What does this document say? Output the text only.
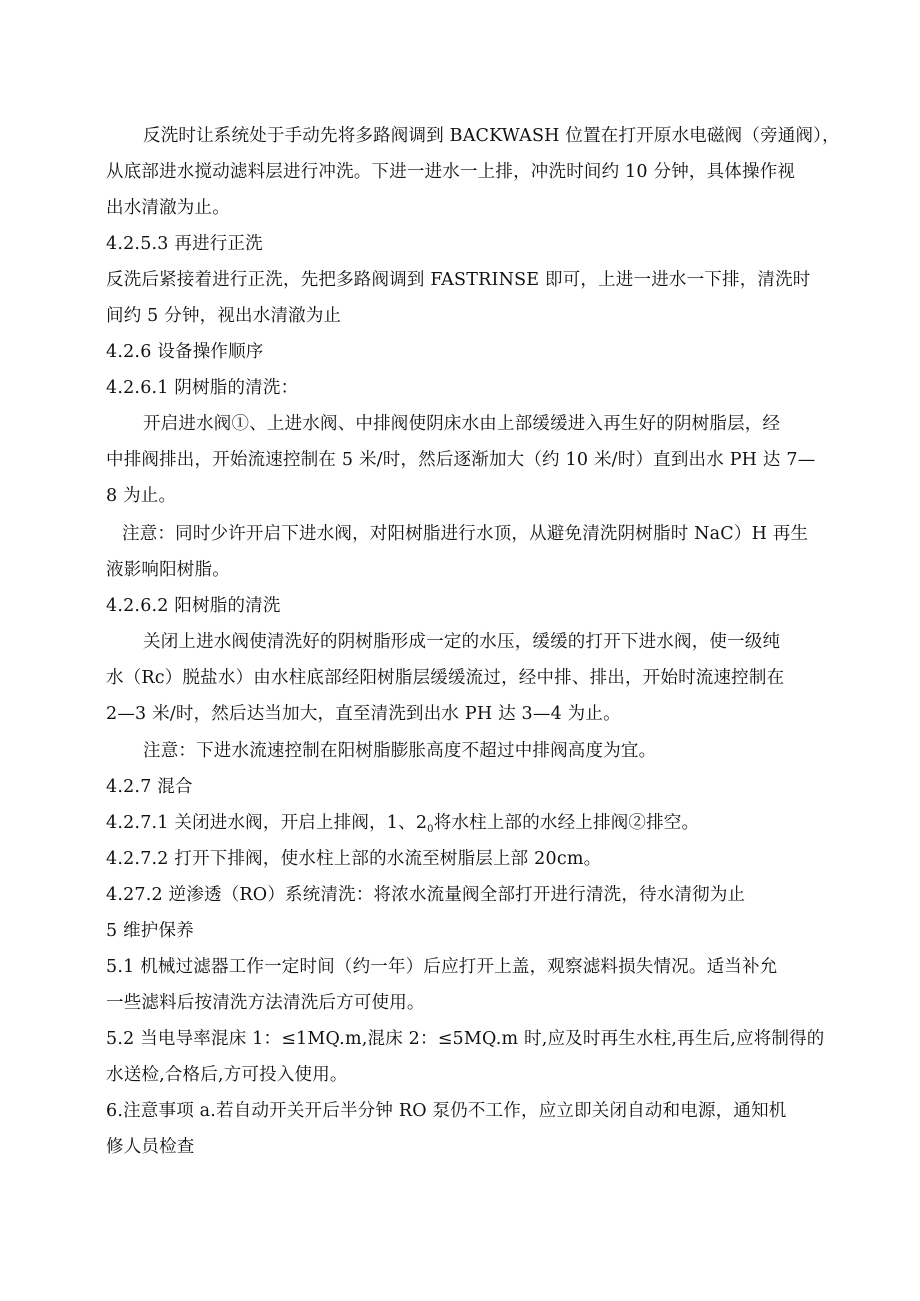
反洗时让系统处于手动先将多路阀调到 BACKWASH 位置在打开原水电磁阀（旁通阀），
从底部进水搅动滤料层进行冲洗。下进一进水一上排，冲洗时间约 10 分钟，具体操作视
出水清澈为止。
4.2.5.3 再进行正洗
反洗后紧接着进行正洗，先把多路阀调到 FASTRINSE 即可，上进一进水一下排，清洗时
间约 5 分钟，视出水清澈为止
4.2.6 设备操作顺序
4.2.6.1 阴树脂的清洗：
开启进水阀①、上进水阀、中排阀使阴床水由上部缓缓进入再生好的阴树脂层，经
中排阀排出，开始流速控制在 5 米/时，然后逐渐加大（约 10 米/时）直到出水 PH 达 7—
8 为止。
注意：同时少许开启下进水阀，对阳树脂进行水顶，从避免清洗阴树脂时 NaC）H 再生
液影响阳树脂。
4.2.6.2 阳树脂的清洗
关闭上进水阀使清洗好的阴树脂形成一定的水压，缓缓的打开下进水阀，使一级纯
水（Rc）脱盐水）由水柱底部经阳树脂层缓缓流过，经中排、排出，开始时流速控制在
2—3 米/时，然后达当加大，直至清洗到出水 PH 达 3—4 为止。
注意：下进水流速控制在阳树脂膨胀高度不超过中排阀高度为宜。
4.2.7 混合
4.2.7.1 关闭进水阀，开启上排阀，1、$2_0$将水柱上部的水经上排阀②排空。
4.2.7.2 打开下排阀，使水柱上部的水流至树脂层上部 20cm。
4.27.2 逆渗透（RO）系统清洗：将浓水流量阀全部打开进行清洗，待水清彻为止
5 维护保养
5.1 机械过滤器工作一定时间（约一年）后应打开上盖，观察滤料损失情况。适当补允
一些滤料后按清洗方法清洗后方可使用。
5.2 当电导率混床 1：≤1MQ.m,混床 2：≤5MQ.m 时,应及时再生水柱,再生后,应将制得的
水送检,合格后,方可投入使用。
6.注意事项 a.若自动开关开后半分钟 RO 泵仍不工作，应立即关闭自动和电源，通知机
修人员检查
